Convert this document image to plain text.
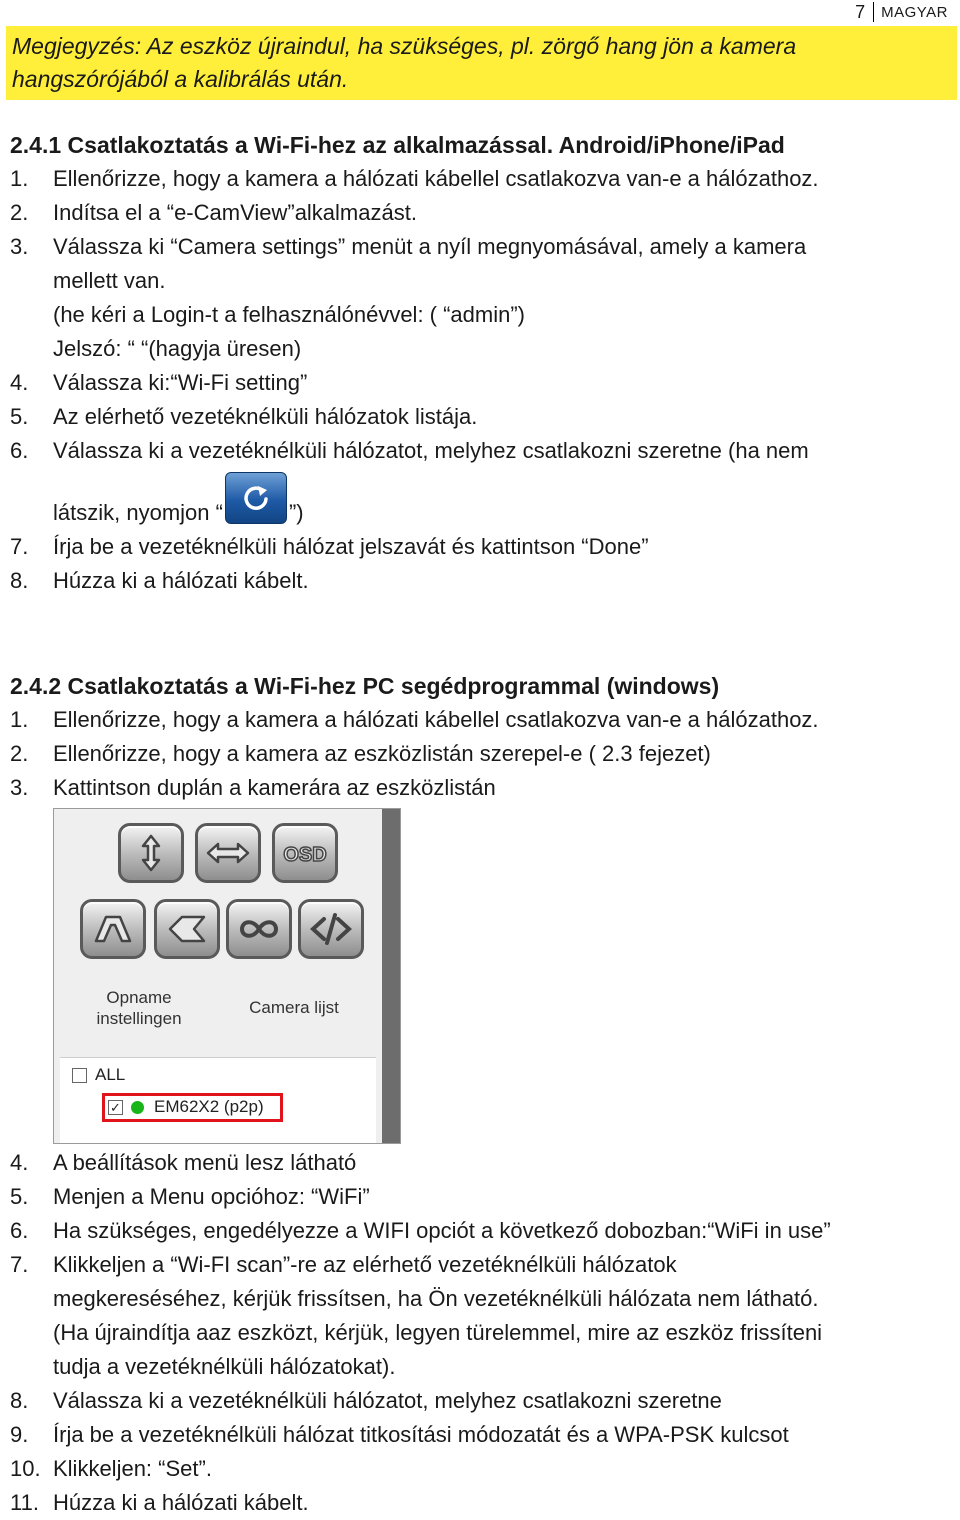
7	MAGYAR
Megjegyzés: Az eszköz újraindul, ha szükséges, pl. zörgő hang jön a kamera
hangszórójából a kalibrálás után.
2.4.1 Csatlakoztatás a Wi-Fi-hez az alkalmazással. Android/iPhone/iPad
1.	Ellenőrizze, hogy a kamera a hálózati kábellel csatlakozva van-e a hálózathoz.
2.	Indítsa el a “e-CamView”alkalmazást.
3.	Válassza ki “Camera settings” menüt a nyíl megnyomásával, amely a kamera
mellett van.
(he kéri a Login-t a felhasználónévvel: ( “admin”)
Jelszó: “ “(hagyja üresen)
4.	Válassza ki:“Wi-Fi setting”
5.	Az elérhető vezetéknélküli hálózatok listája.
6.	Válassza ki a vezetéknélküli hálózatot, melyhez csatlakozni szeretne (ha nem
látszik, nyomjon “	”)
7.	Írja be a vezetéknélküli hálózat jelszavát és kattintson “Done”
8.	Húzza ki a hálózati kábelt.
2.4.2 Csatlakoztatás a Wi-Fi-hez PC segédprogrammal (windows)
1.	Ellenőrizze, hogy a kamera a hálózati kábellel csatlakozva van-e a hálózathoz.
2.	Ellenőrizze, hogy a kamera az eszközlistán szerepel-e ( 2.3 fejezet)
3.	Kattintson duplán a kamerára az eszközlistán
OSD
Opname
instellingen
Camera lijst
ALL
✓ EM62X2 (p2p)
4.	A beállítások menü lesz látható
5.	Menjen a Menu opcióhoz: “WiFi”
6.	Ha szükséges, engedélyezze a WIFI opciót a következő dobozban:“WiFi in use”
7.	Klikkeljen a “Wi-FI scan”-re az elérhető vezetéknélküli hálózatok
megkereséséhez, kérjük frissítsen, ha Ön vezetéknélküli hálózata nem látható.
(Ha újraindítja aaz eszközt, kérjük, legyen türelemmel, mire az eszköz frissíteni
tudja a vezetéknélküli hálózatokat).
8.	Válassza ki a vezetéknélküli hálózatot, melyhez csatlakozni szeretne
9.	Írja be a vezetéknélküli hálózat titkosítási módozatát és a WPA-PSK kulcsot
10. Klikkeljen: “Set”.
11. Húzza ki a hálózati kábelt.
